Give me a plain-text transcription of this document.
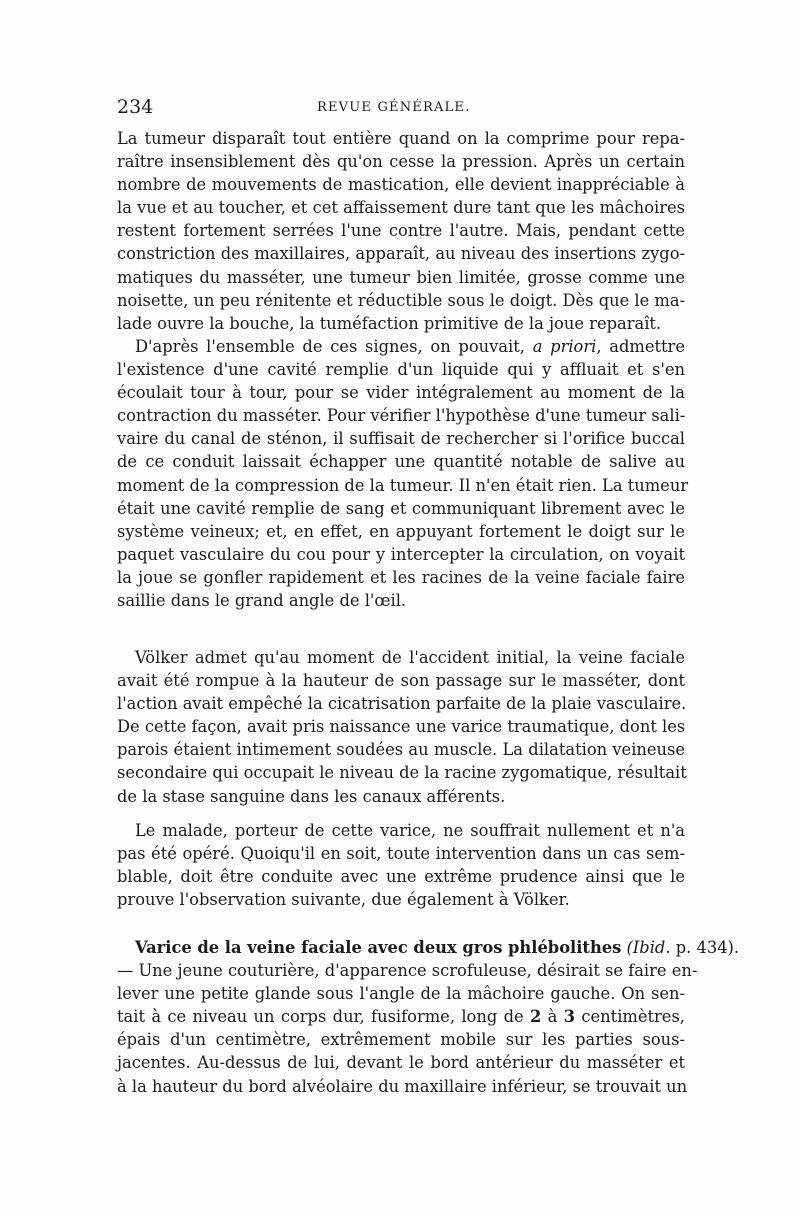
234	REVUE GÉNÉRALE.
La tumeur disparaît tout entière quand on la comprime pour repa-
raître insensiblement dès qu'on cesse la pression. Après un certain
nombre de mouvements de mastication, elle devient inappréciable à
la vue et au toucher, et cet affaissement dure tant que les mâchoires
restent fortement serrées l'une contre l'autre. Mais, pendant cette
constriction des maxillaires, apparaît, au niveau des insertions zygo-
matiques du masséter, une tumeur bien limitée, grosse comme une
noisette, un peu rénitente et réductible sous le doigt. Dès que le ma-
lade ouvre la bouche, la tuméfaction primitive de la joue reparaît.
D'après l'ensemble de ces signes, on pouvait, a priori, admettre
l'existence d'une cavité remplie d'un liquide qui y affluait et s'en
écoulait tour à tour, pour se vider intégralement au moment de la
contraction du masséter. Pour vérifier l'hypothèse d'une tumeur sali-
vaire du canal de sténon, il suffisait de rechercher si l'orifice buccal
de ce conduit laissait échapper une quantité notable de salive au
moment de la compression de la tumeur. Il n'en était rien. La tumeur
était une cavité remplie de sang et communiquant librement avec le
système veineux; et, en effet, en appuyant fortement le doigt sur le
paquet vasculaire du cou pour y intercepter la circulation, on voyait
la joue se gonfler rapidement et les racines de la veine faciale faire
saillie dans le grand angle de l'œil.
Völker admet qu'au moment de l'accident initial, la veine faciale
avait été rompue à la hauteur de son passage sur le masséter, dont
l'action avait empêché la cicatrisation parfaite de la plaie vasculaire.
De cette façon, avait pris naissance une varice traumatique, dont les
parois étaient intimement soudées au muscle. La dilatation veineuse
secondaire qui occupait le niveau de la racine zygomatique, résultait
de la stase sanguine dans les canaux afférents.
Le malade, porteur de cette varice, ne souffrait nullement et n'a
pas été opéré. Quoiqu'il en soit, toute intervention dans un cas sem-
blable, doit être conduite avec une extrême prudence ainsi que le
prouve l'observation suivante, due également à Völker.
Varice de la veine faciale avec deux gros phlébolithes (Ibid. p. 434).
— Une jeune couturière, d'apparence scrofuleuse, désirait se faire en-
lever une petite glande sous l'angle de la mâchoire gauche. On sen-
tait à ce niveau un corps dur, fusiforme, long de 2 à 3 centimètres,
épais d'un centimètre, extrêmement mobile sur les parties sous-
jacentes. Au-dessus de lui, devant le bord antérieur du masséter et
à la hauteur du bord alvéolaire du maxillaire inférieur, se trouvait un
